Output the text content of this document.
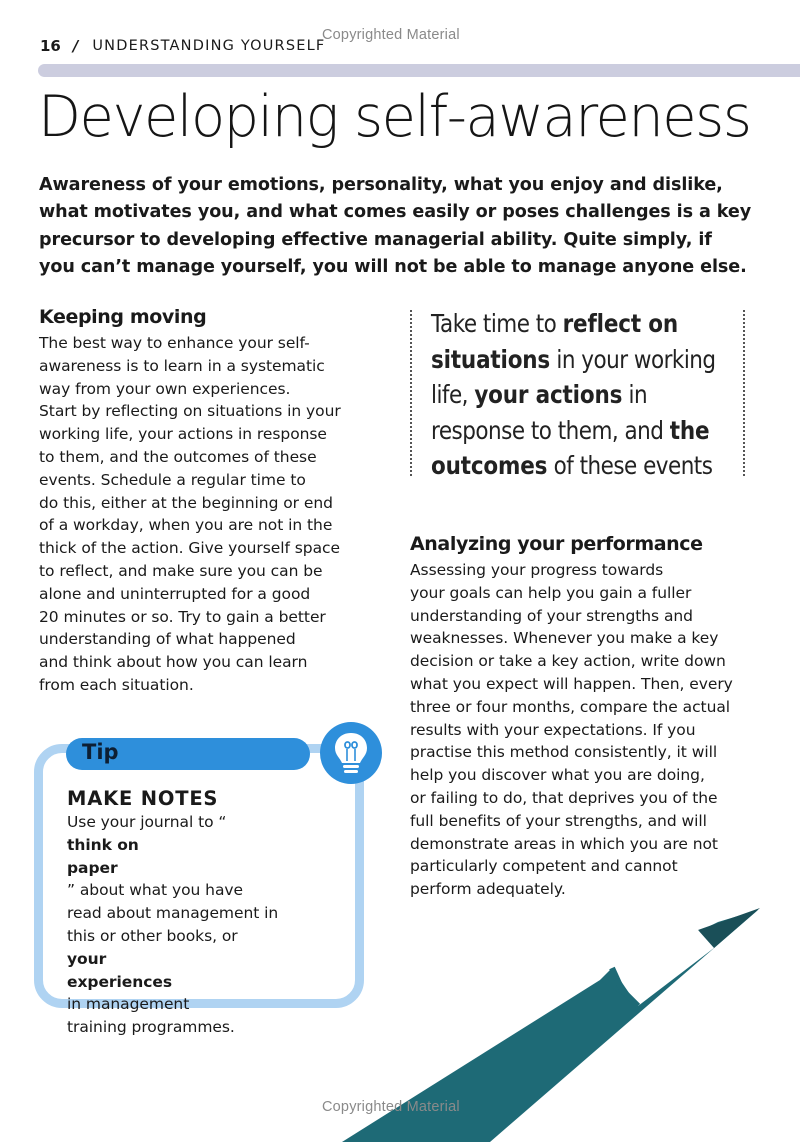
16 / UNDERSTANDING YOURSELF
Copyrighted Material
Developing self-awareness
Awareness of your emotions, personality, what you enjoy and dislike,
what motivates you, and what comes easily or poses challenges is a key
precursor to developing effective managerial ability. Quite simply, if
you can’t manage yourself, you will not be able to manage anyone else.
Keeping moving
The best way to enhance your self-
awareness is to learn in a systematic
way from your own experiences.
Start by reflecting on situations in your
working life, your actions in response
to them, and the outcomes of these
events. Schedule a regular time to
do this, either at the beginning or end
of a workday, when you are not in the
thick of the action. Give yourself space
to reflect, and make sure you can be
alone and uninterrupted for a good
20 minutes or so. Try to gain a better
understanding of what happened
and think about how you can learn
from each situation.
Take time to reflect on
situations in your working
life, your actions in
response to them, and the
outcomes of these events
Analyzing your performance
Assessing your progress towards
your goals can help you gain a fuller
understanding of your strengths and
weaknesses. Whenever you make a key
decision or take a key action, write down
what you expect will happen. Then, every
three or four months, compare the actual
results with your expectations. If you
practise this method consistently, it will
help you discover what you are doing,
or failing to do, that deprives you of the
full benefits of your strengths, and will
demonstrate areas in which you are not
particularly competent and cannot
perform adequately.
Tip
MAKE NOTES
Use your journal to “
think on
paper
” about what you have
read about management in
this or other books, or
your
experiences
in management
training programmes.
Copyrighted Material
